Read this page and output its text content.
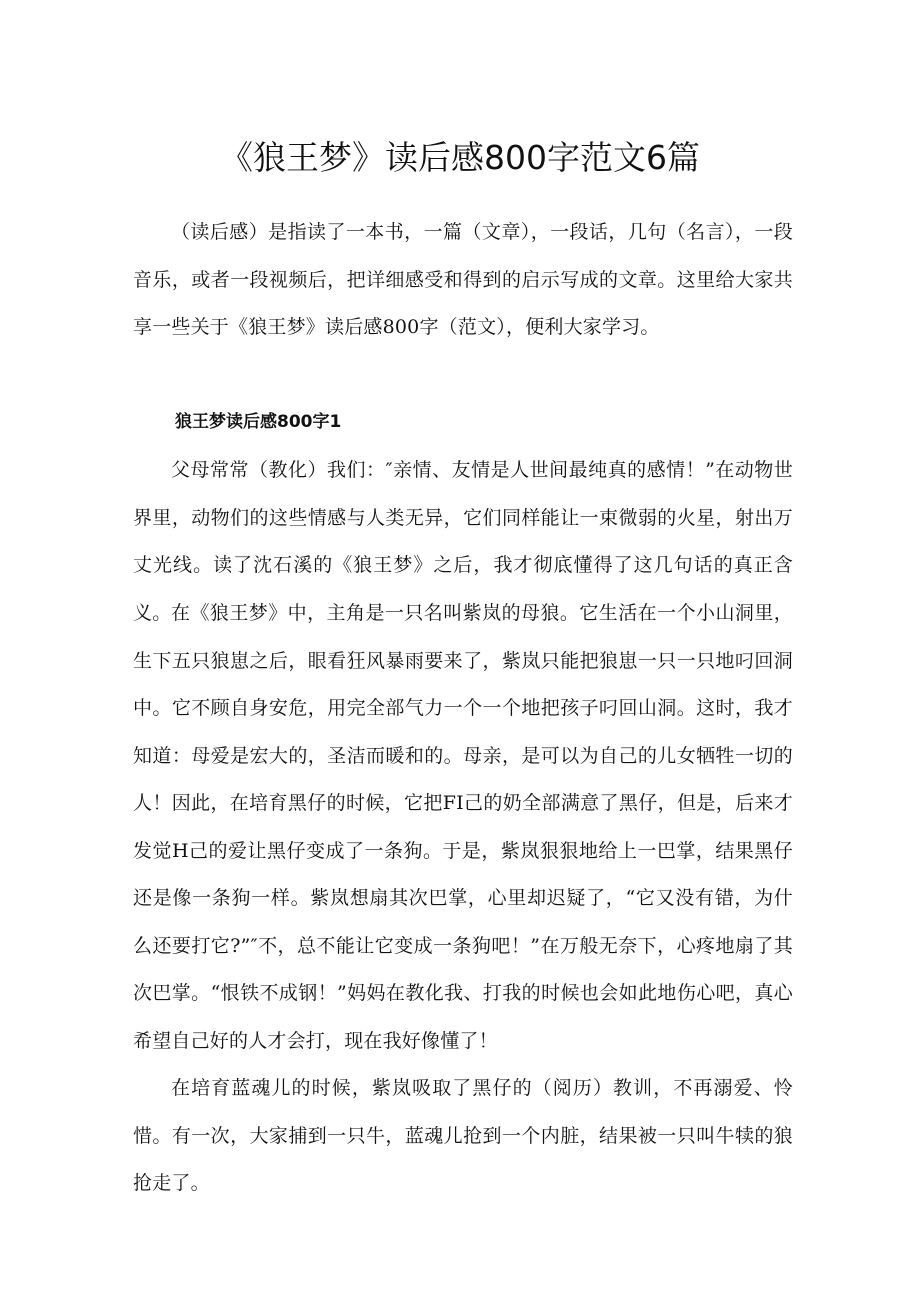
《狼王梦》读后感800字范文6篇

（读后感）是指读了一本书，一篇（文章），一段话，几句（名言），一段音乐，或者一段视频后，把详细感受和得到的启示写成的文章。这里给大家共享一些关于《狼王梦》读后感800字（范文），便利大家学习。

狼王梦读后感800字1

父母常常（教化）我们：″亲情、友情是人世间最纯真的感情！”在动物世界里，动物们的这些情感与人类无异，它们同样能让一束微弱的火星，射出万丈光线。读了沈石溪的《狼王梦》之后，我才彻底懂得了这几句话的真正含义。 在《狼王梦》中，主角是一只名叫紫岚的母狼。它生活在一个小山洞里，生下五只狼崽之后，眼看狂风暴雨要来了，紫岚只能把狼崽一只一只地叼回洞中。它不顾自身安危，用完全部气力一个一个地把孩子叼回山洞。这时，我才知道：母爱是宏大的，圣洁而暖和的。母亲，是可以为自己的儿女牺牲一切的人！因此，在培育黑仔的时候，它把FI己的奶全部满意了黑仔，但是，后来才发觉H己的爱让黑仔变成了一条狗。于是，紫岚狠狠地给上一巴掌，结果黑仔还是像一条狗一样。紫岚想扇其次巴掌，心里却迟疑了，“它又没有错，为什么还要打它?”″不，总不能让它变成一条狗吧！”在万般无奈下，心疼地扇了其次巴掌。“恨铁不成钢！”妈妈在教化我、打我的时候也会如此地伤心吧，真心希望自己好的人才会打，现在我好像懂了！

在培育蓝魂儿的时候，紫岚吸取了黑仔的（阅历）教训，不再溺爱、怜惜。有一次，大家捕到一只牛，蓝魂儿抢到一个内脏，结果被一只叫牛犊的狼抢走了。
